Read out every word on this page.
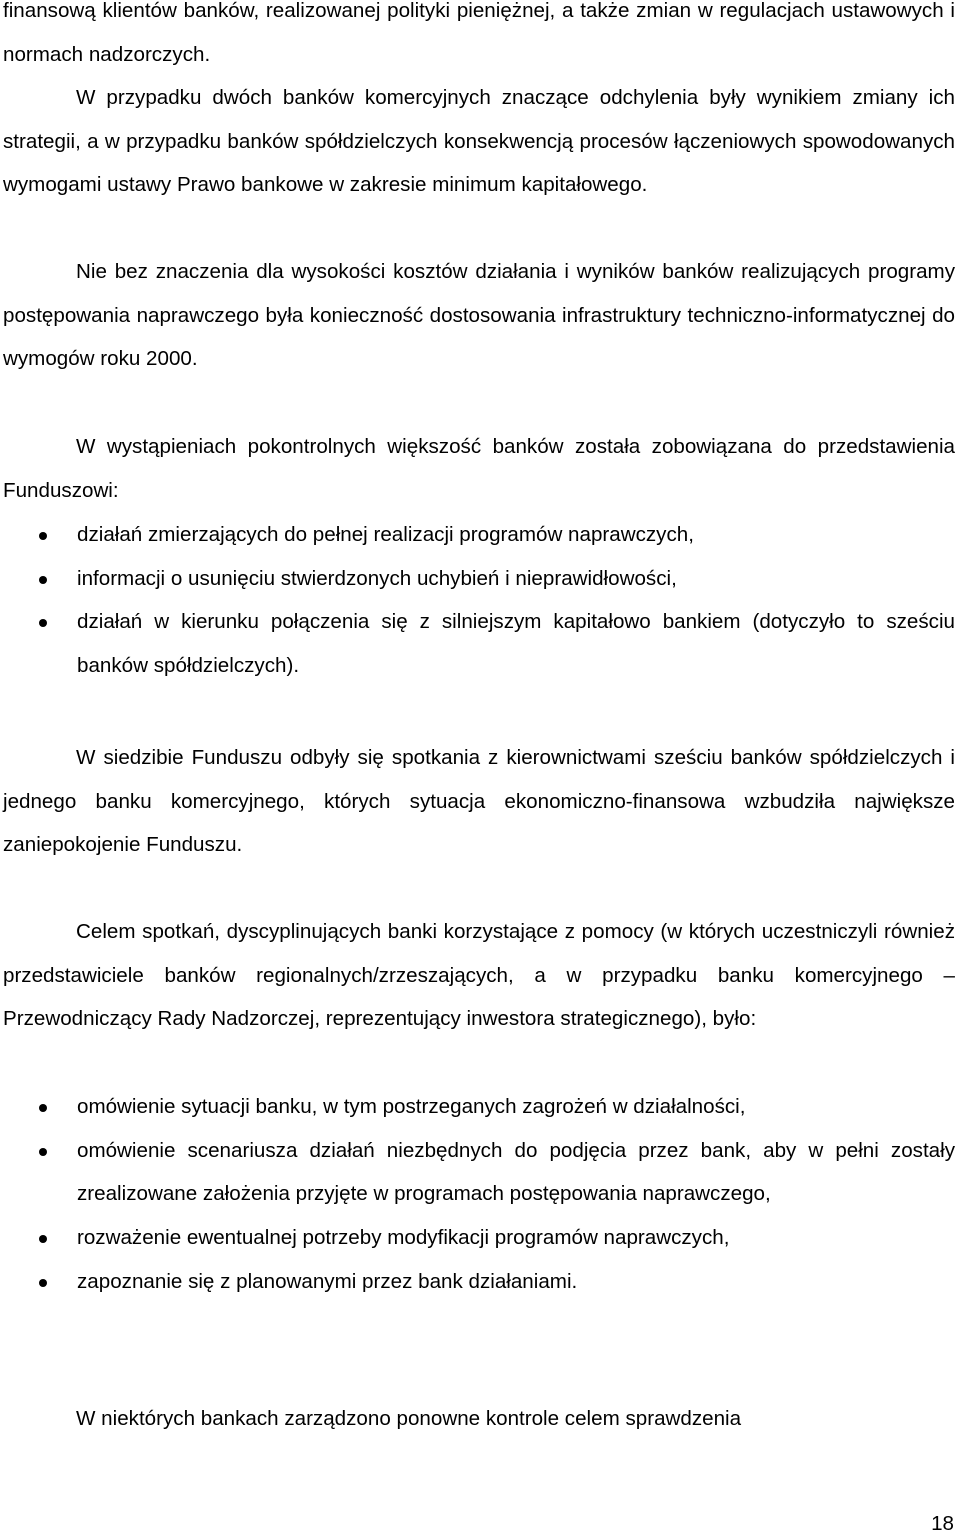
finansową klientów banków, realizowanej polityki pieniężnej, a także zmian w regulacjach ustawowych i normach nadzorczych.

W przypadku dwóch banków komercyjnych znaczące odchylenia były wynikiem zmiany ich strategii, a w przypadku banków spółdzielczych konsekwencją procesów łączeniowych spowodowanych wymogami ustawy Prawo bankowe w zakresie minimum kapitałowego.

Nie bez znaczenia dla wysokości kosztów działania i wyników banków realizujących programy postępowania naprawczego była konieczność dostosowania infrastruktury techniczno-informatycznej do wymogów roku 2000.

W wystąpieniach pokontrolnych większość banków została zobowiązana do przedstawienia Funduszowi:

działań zmierzających do pełnej realizacji programów naprawczych,
informacji o usunięciu stwierdzonych uchybień i nieprawidłowości,
działań w kierunku połączenia się z silniejszym kapitałowo bankiem (dotyczyło to sześciu banków spółdzielczych).

W siedzibie Funduszu odbyły się spotkania z kierownictwami sześciu banków spółdzielczych i jednego banku komercyjnego, których sytuacja ekonomiczno-finansowa wzbudziła największe zaniepokojenie Funduszu.

Celem spotkań, dyscyplinujących banki korzystające z pomocy (w których uczestniczyli również przedstawiciele banków regionalnych/zrzeszających, a w przypadku banku komercyjnego – Przewodniczący Rady Nadzorczej, reprezentujący inwestora strategicznego), było:

omówienie sytuacji banku, w tym postrzeganych zagrożeń w działalności,
omówienie scenariusza działań niezbędnych do podjęcia przez bank, aby w pełni zostały zrealizowane założenia przyjęte w programach postępowania naprawczego,
rozważenie ewentualnej potrzeby modyfikacji programów naprawczych,
zapoznanie się z planowanymi przez bank działaniami.

W niektórych bankach zarządzono ponowne kontrole celem sprawdzenia

18
